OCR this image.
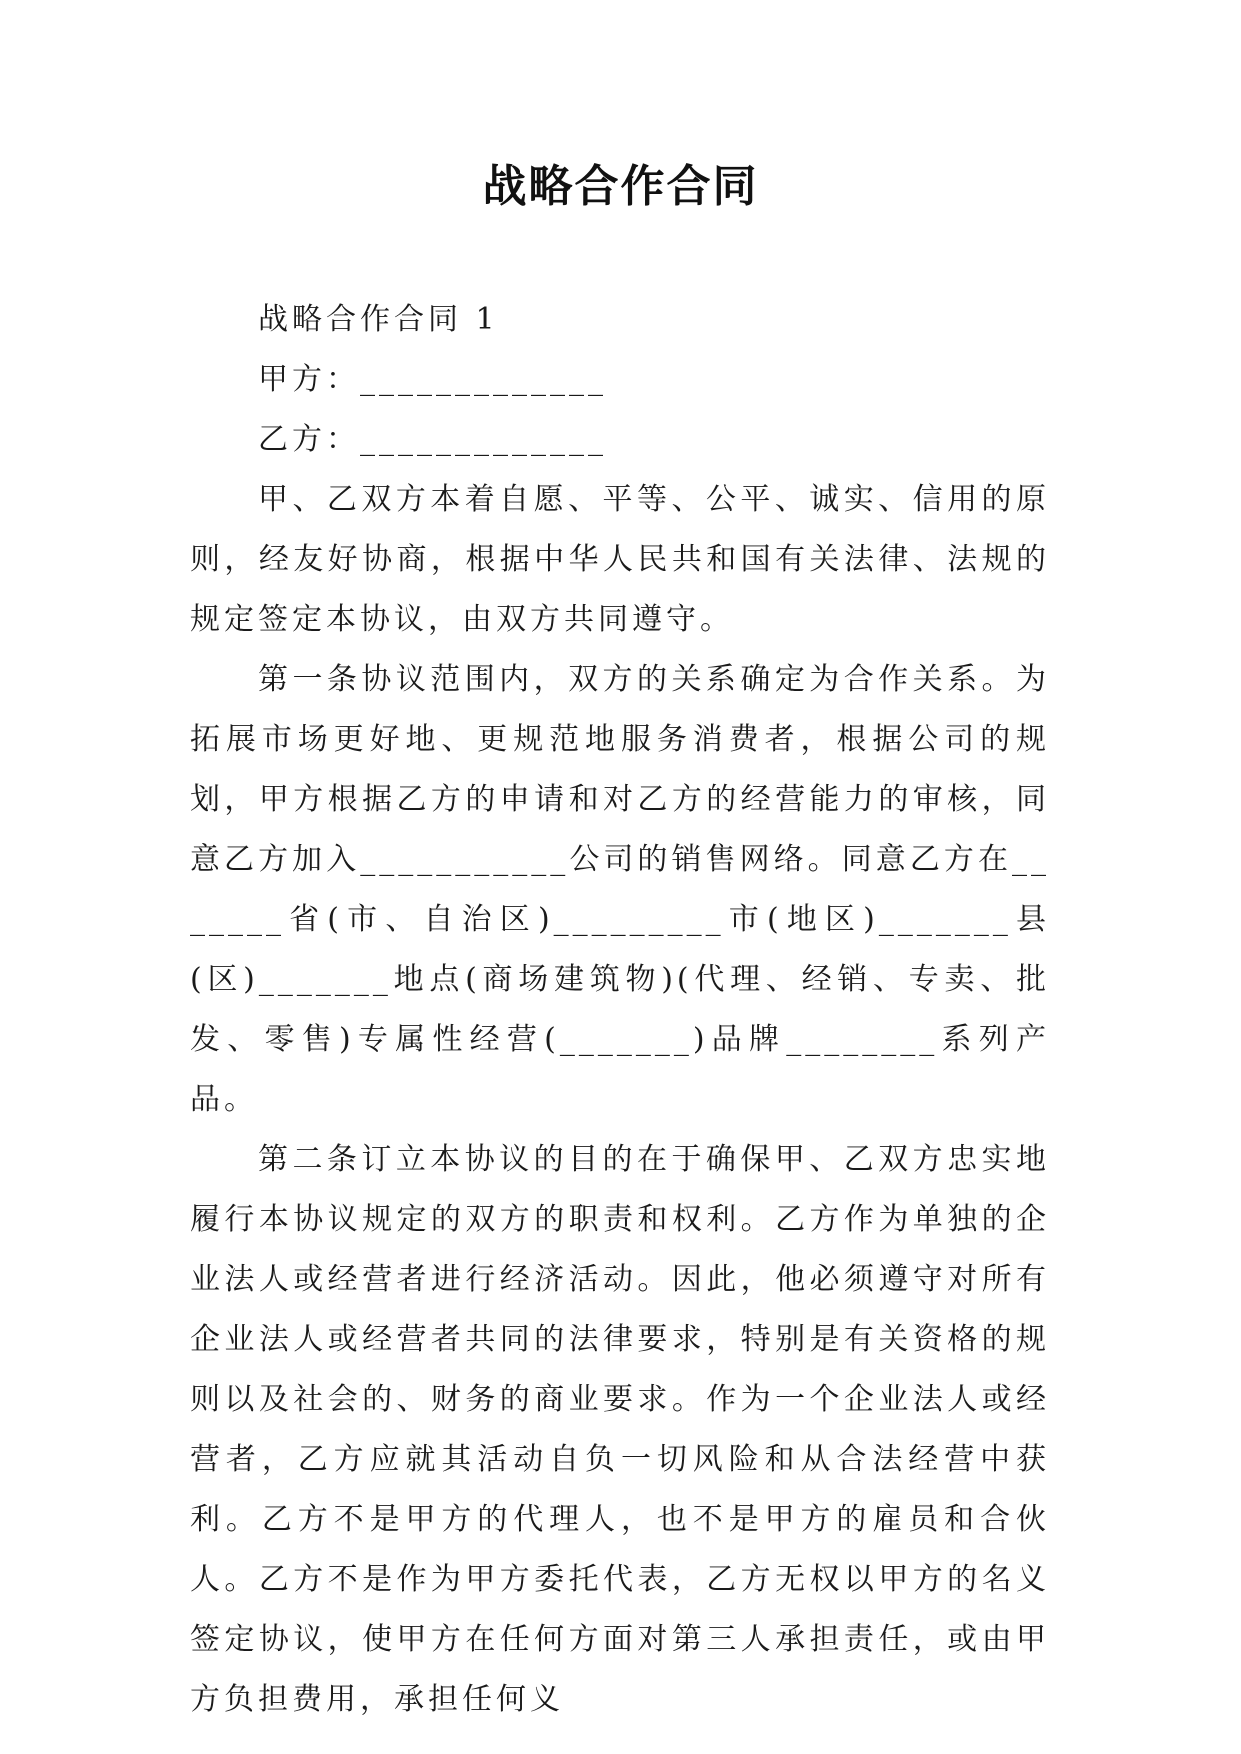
战略合作合同

战略合作合同 1

甲方：_____________

乙方：_____________

甲、乙双方本着自愿、平等、公平、诚实、信用的原则，经友好协商，根据中华人民共和国有关法律、法规的规定签定本协议，由双方共同遵守。

第一条协议范围内，双方的关系确定为合作关系。为拓展市场更好地、更规范地服务消费者，根据公司的规划，甲方根据乙方的申请和对乙方的经营能力的审核，同意乙方加入___________公司的销售网络。同意乙方在_______省(市、自治区)_________市(地区)_______县(区)_______地点(商场建筑物)(代理、经销、专卖、批发、零售)专属性经营(_______)品牌________系列产品。

第二条订立本协议的目的在于确保甲、乙双方忠实地履行本协议规定的双方的职责和权利。乙方作为单独的企业法人或经营者进行经济活动。因此，他必须遵守对所有企业法人或经营者共同的法律要求，特别是有关资格的规则以及社会的、财务的商业要求。作为一个企业法人或经营者，乙方应就其活动自负一切风险和从合法经营中获利。乙方不是甲方的代理人，也不是甲方的雇员和合伙人。乙方不是作为甲方委托代表，乙方无权以甲方的名义签定协议，使甲方在任何方面对第三人承担责任，或由甲方负担费用，承担任何义
